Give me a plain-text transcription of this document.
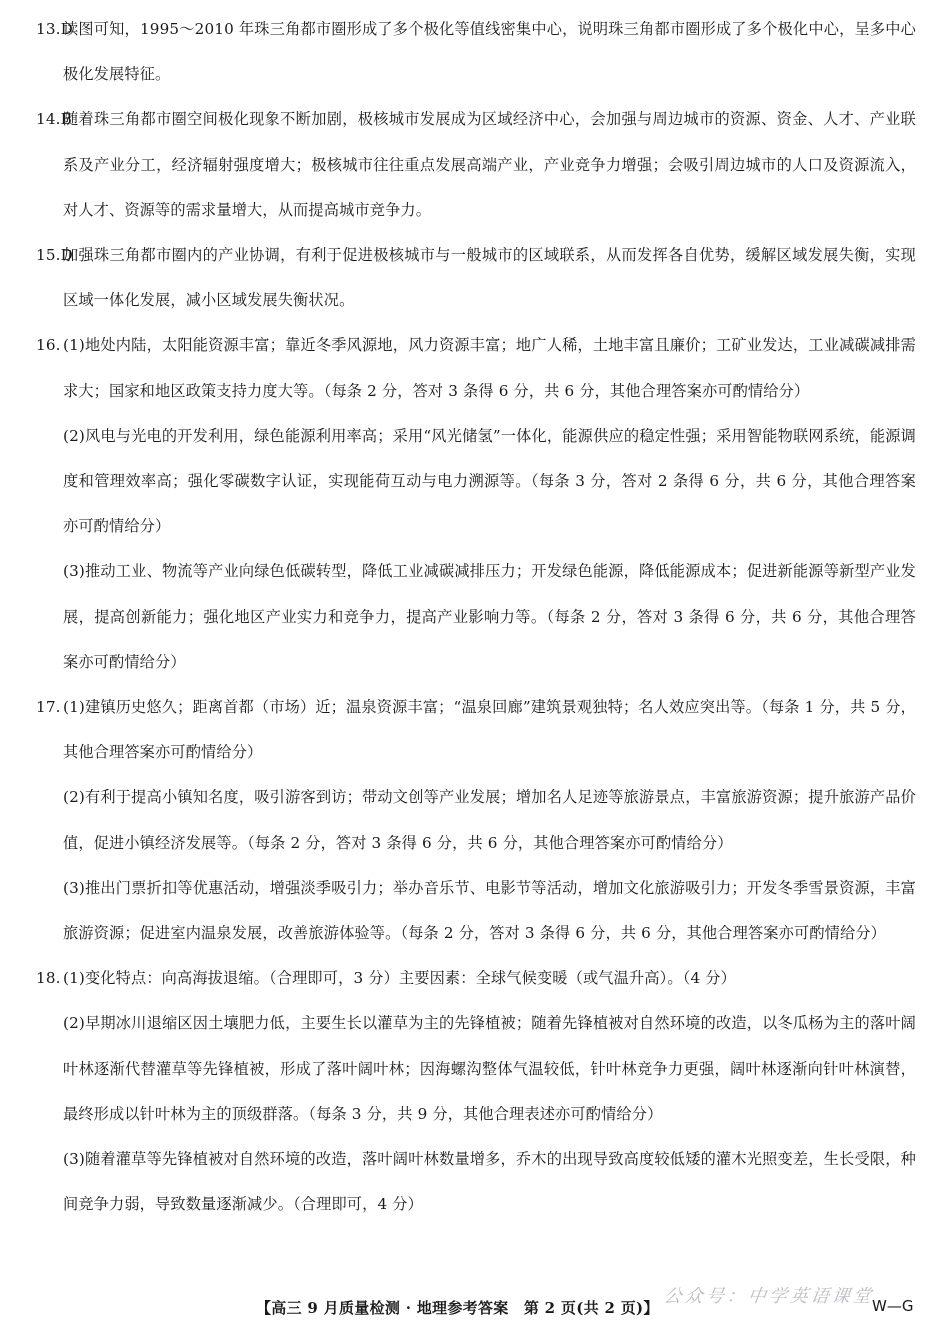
13.D
读图可知，1995～2010 年珠三角都市圈形成了多个极化等值线密集中心，说明珠三角都市圈形成了多个极化中心，呈多中心极化发展特征。
14.B
随着珠三角都市圈空间极化现象不断加剧，极核城市发展成为区域经济中心，会加强与周边城市的资源、资金、人才、产业联系及产业分工，经济辐射强度增大；极核城市往往重点发展高端产业，产业竞争力增强；会吸引周边城市的人口及资源流入，对人才、资源等的需求量增大，从而提高城市竞争力。
15.D
加强珠三角都市圈内的产业协调，有利于促进极核城市与一般城市的区域联系，从而发挥各自优势，缓解区域发展失衡，实现区域一体化发展，减小区域发展失衡状况。
16. (1)地处内陆，太阳能资源丰富；靠近冬季风源地，风力资源丰富；地广人稀，土地丰富且廉价；工矿业发达，工业减碳减排需求大；国家和地区政策支持力度大等。（每条 2 分，答对 3 条得 6 分，共 6 分，其他合理答案亦可酌情给分）
(2)风电与光电的开发利用，绿色能源利用率高；采用“风光储氢”一体化，能源供应的稳定性强；采用智能物联网系统，能源调度和管理效率高；强化零碳数字认证，实现能荷互动与电力溯源等。（每条 3 分，答对 2 条得 6 分，共 6 分，其他合理答案亦可酌情给分）
(3)推动工业、物流等产业向绿色低碳转型，降低工业减碳减排压力；开发绿色能源，降低能源成本；促进新能源等新型产业发展，提高创新能力；强化地区产业实力和竞争力，提高产业影响力等。（每条 2 分，答对 3 条得 6 分，共 6 分，其他合理答案亦可酌情给分）
17. (1)建镇历史悠久；距离首都（市场）近；温泉资源丰富；“温泉回廊”建筑景观独特；名人效应突出等。（每条 1 分，共 5 分，其他合理答案亦可酌情给分）
(2)有利于提高小镇知名度，吸引游客到访；带动文创等产业发展；增加名人足迹等旅游景点，丰富旅游资源；提升旅游产品价值，促进小镇经济发展等。（每条 2 分，答对 3 条得 6 分，共 6 分，其他合理答案亦可酌情给分）
(3)推出门票折扣等优惠活动，增强淡季吸引力；举办音乐节、电影节等活动，增加文化旅游吸引力；开发冬季雪景资源，丰富旅游资源；促进室内温泉发展，改善旅游体验等。（每条 2 分，答对 3 条得 6 分，共 6 分，其他合理答案亦可酌情给分）
18. (1)变化特点：向高海拔退缩。（合理即可，3 分）主要因素：全球气候变暖（或气温升高）。（4 分）
(2)早期冰川退缩区因土壤肥力低，主要生长以灌草为主的先锋植被；随着先锋植被对自然环境的改造，以冬瓜杨为主的落叶阔叶林逐渐代替灌草等先锋植被，形成了落叶阔叶林；因海螺沟整体气温较低，针叶林竞争力更强，阔叶林逐渐向针叶林演替，最终形成以针叶林为主的顶级群落。（每条 3 分，共 9 分，其他合理表述亦可酌情给分）
(3)随着灌草等先锋植被对自然环境的改造，落叶阔叶林数量增多，乔木的出现导致高度较低矮的灌木光照变差，生长受限，种间竞争力弱，导致数量逐渐减少。（合理即可，4 分）
公众号：中学英语课堂
【高三 9 月质量检测 · 地理参考答案　第 2 页(共 2 页)】	W—G
